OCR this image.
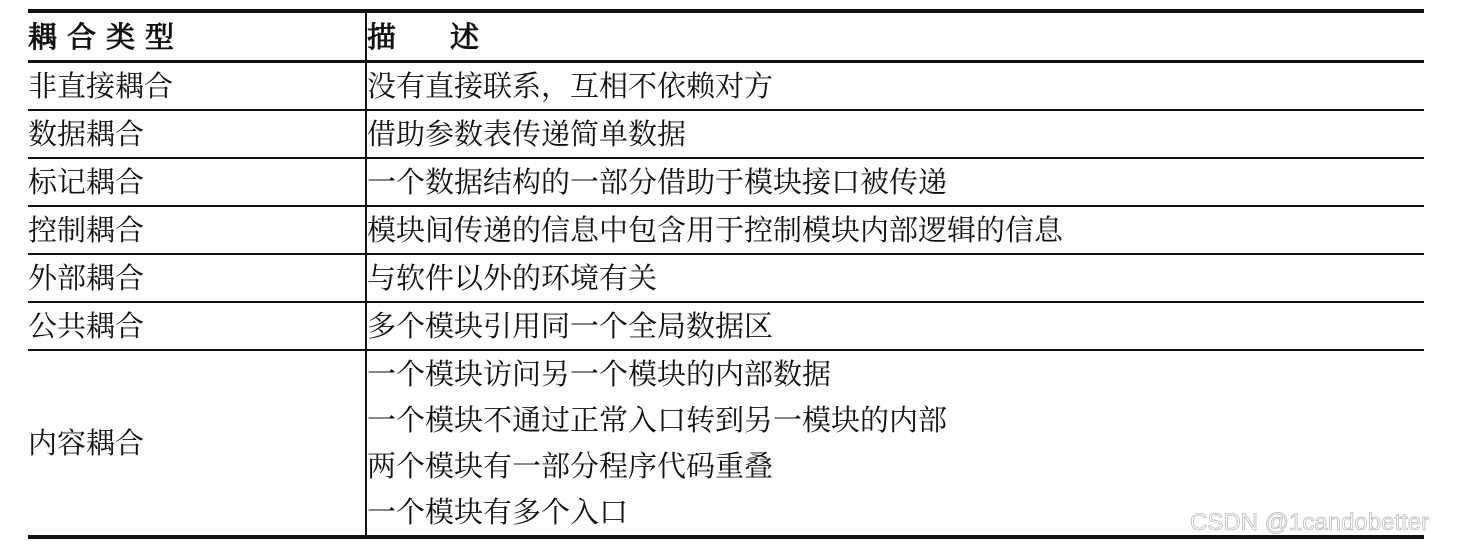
耦合类型	描述
非直接耦合	没有直接联系，互相不依赖对方

数据耦合	借助参数表传递简单数据

标记耦合	一个数据结构的一部分借助于模块接口被传递

控制耦合	模块间传递的信息中包含用于控制模块内部逻辑的信息

外部耦合	与软件以外的环境有关

公共耦合	多个模块引用同一个全局数据区

内容耦合	一个模块访问另一个模块的内部数据
一个模块不通过正常入口转到另一模块的内部
两个模块有一部分程序代码重叠
一个模块有多个入口	CSDN @1candobetter
